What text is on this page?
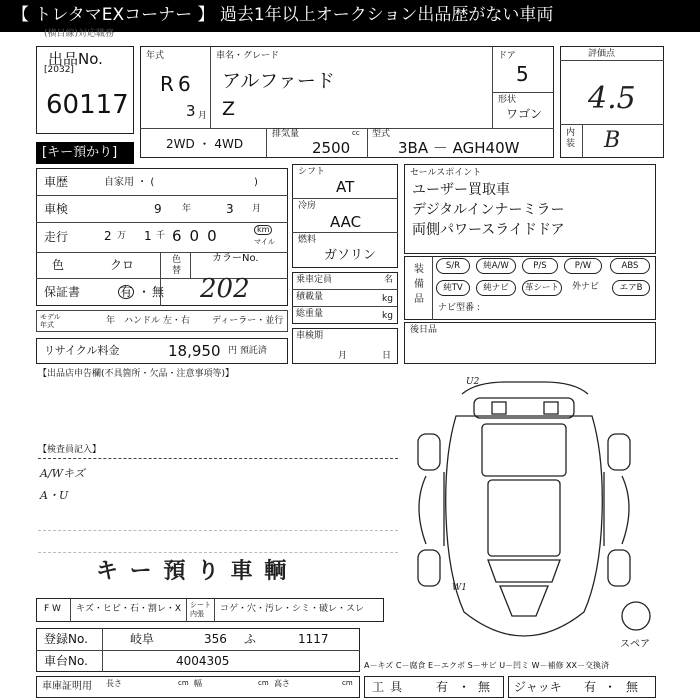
【 トレタマEXコーナー 】 過去1年以上オークション出品歴がない車両
(横目線)対応職務
出品No.
[2032]
60117
[キー預かり]
年式
R 6
3 月
車名・グレード
アルファード
Z
ドア
5
形状
ワゴン
2WD ・ 4WD
排気量	cc
2500
型式
3BA － AGH40W
評価点
4.5
内装 B
車歴	自家用 ・ (	)
車検	9 年	3 月
走行	2 万 1 千 600	km
マイル
色	クロ	色替
カラーNo.
保証書	有 ・ 無 202
モデル年式	年 ハンドル 左・右 ディーラー・並行
リサイクル料金	18,950 円 預託済
シフト
AT
冷房
AAC
燃料
ガソリン
乗車定員	名
積載量	kg
総重量	kg
車検期
月	日
セールスポイント
ユーザー買取車
デジタルインナーミラー
両側パワースライドドア
装備品
S/R	純A/W	P/S	P/W	ABS
純TV	純ナビ	革シート	外ナビ	エアB
ナビ型番 :
後日品
【出品店申告欄(不具箇所・欠品・注意事項等)】
【検査員記入】
A/Wキズ
A・U
キ ー 預 り 車 輌
U2
W1
スペア
F W キズ・ヒビ・石・割レ・X シート内張	コゲ・穴・汚レ・シミ・破レ・スレ
登録No.	岐阜	356 ふ	1117
車台No.	4004305
車庫証明用 長さ	cm 幅	cm 高さ	cm
A－キズ C－腐食 E－エクボ S－サビ U－凹ミ W－補修 XX－交換済
工具 有 ・ 無 ジャッキ 有 ・ 無
